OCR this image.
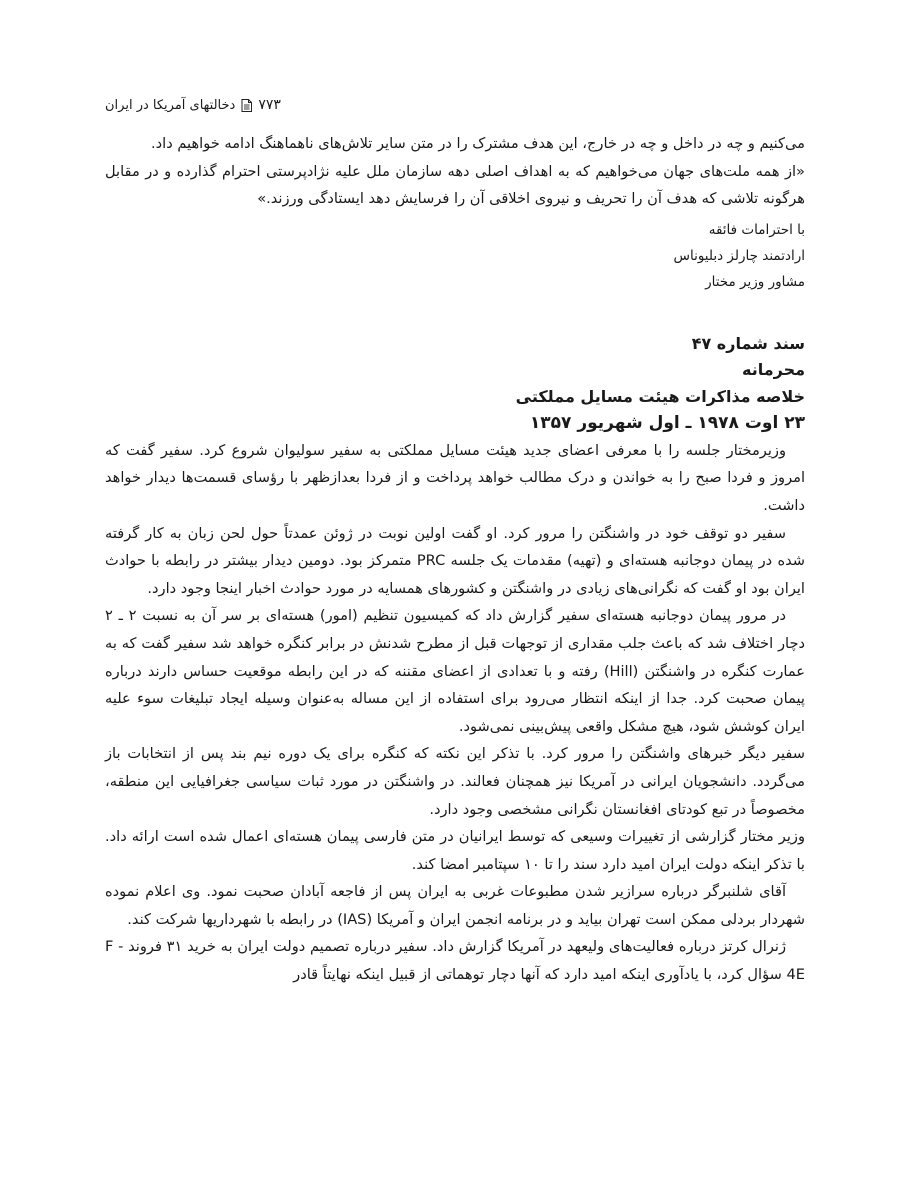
۷۷۳
دخالتهای آمریکا در ایران

می‌کنیم و چه در داخل و چه در خارج، این هدف مشترک را در متن سایر تلاش‌های ناهماهنگ ادامه خواهیم داد.

«از همه ملت‌های جهان می‌خواهیم که به اهداف اصلی دهه سازمان ملل علیه نژادپرستی احترام گذارده و در مقابل هرگونه تلاشی که هدف آن را تحریف و نیروی اخلاقی آن را فرسایش دهد ایستادگی ورزند.»

با احترامات فائقه
ارادتمند چارلز دبلیوناس
مشاور وزیر مختار
سند شماره ۴۷
محرمانه
خلاصه مذاکرات هیئت مسایل مملکتی
۲۳ اوت ۱۹۷۸ ـ اول شهریور ۱۳۵۷

وزیرمختار جلسه را با معرفی اعضای جدید هیئت مسایل مملکتی به سفیر سولیوان شروع کرد. سفیر گفت که امروز و فردا صبح را به خواندن و درک مطالب خواهد پرداخت و از فردا بعدازظهر با رؤسای قسمت‌ها دیدار خواهد داشت.

سفیر دو توقف خود در واشنگتن را مرور کرد. او گفت اولین نوبت در ژوئن عمدتاً حول لحن زبان به کار گرفته شده در پیمان دوجانبه هسته‌ای و (تهیه) مقدمات یک جلسه PRC متمرکز بود. دومین دیدار بیشتر در رابطه با حوادث ایران بود او گفت که نگرانی‌های زیادی در واشنگتن و کشورهای همسایه در مورد حوادث اخبار اینجا وجود دارد.

در مرور پیمان دوجانبه هسته‌ای سفیر گزارش داد که کمیسیون تنظیم (امور) هسته‌ای بر سر آن به نسبت ۲ ـ ۲ دچار اختلاف شد که باعث جلب مقداری از توجهات قبل از مطرح شدنش در برابر کنگره خواهد شد سفیر گفت که به عمارت کنگره در واشنگتن (Hill) رفته و با تعدادی از اعضای مقننه که در این رابطه موقعیت حساس دارند درباره پیمان صحبت کرد. جدا از اینکه انتظار می‌رود برای استفاده از این مساله به‌عنوان وسیله ایجاد تبلیغات سوء علیه ایران کوشش شود، هیچ مشکل واقعی پیش‌بینی نمی‌شود.

سفیر دیگر خبرهای واشنگتن را مرور کرد. با تذکر این نکته که کنگره برای یک دوره نیم بند پس از انتخابات باز می‌گردد. دانشجویان ایرانی در آمریکا نیز همچنان فعالند. در واشنگتن در مورد ثبات سیاسی جغرافیایی این منطقه، مخصوصاً در تبع کودتای افغانستان نگرانی مشخصی وجود دارد.

وزیر مختار گزارشی از تغییرات وسیعی که توسط ایرانیان در متن فارسی پیمان هسته‌ای اعمال شده است ارائه داد. با تذکر اینکه دولت ایران امید دارد سند را تا ۱۰ سپتامبر امضا کند.

آقای شلنبرگر درباره سرازیر شدن مطبوعات غربی به ایران پس از فاجعه آبادان صحبت نمود. وی اعلام نموده شهردار بردلی ممکن است تهران بیاید و در برنامه انجمن ایران و آمریکا (IAS) در رابطه با شهرداریها شرکت کند.

ژنرال کرتز درباره فعالیت‌های ولیعهد در آمریکا گزارش داد. سفیر درباره تصمیم دولت ایران به خرید ۳۱ فروند F - 4E سؤال کرد، با یادآوری اینکه امید دارد که آنها دچار توهماتی از قبیل اینکه نهایتاً قادر
